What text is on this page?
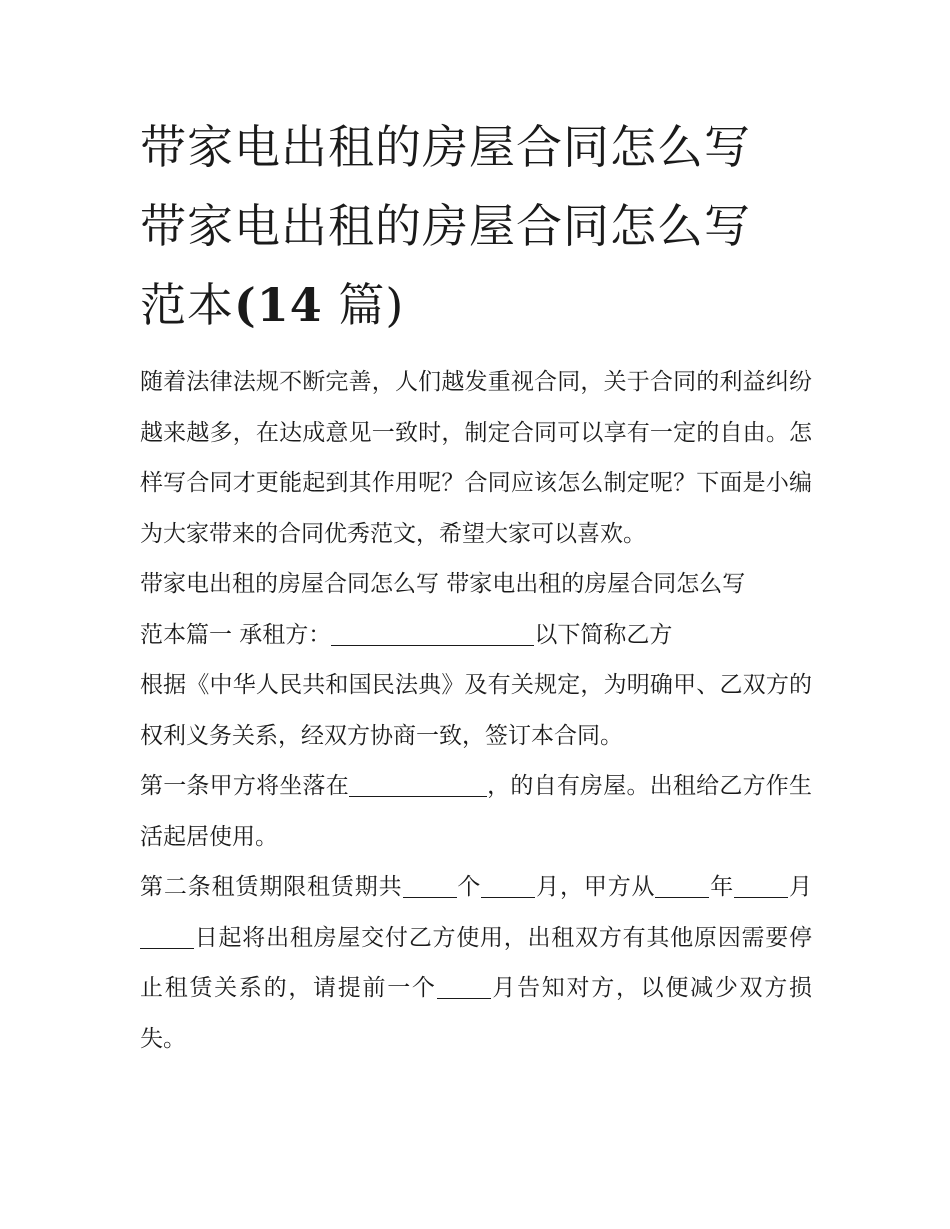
带家电出租的房屋合同怎么写
带家电出租的房屋合同怎么写
范本(14 篇)

随着法律法规不断完善，人们越发重视合同，关于合同的利益纠纷越来越多，在达成意见一致时，制定合同可以享有一定的自由。怎样写合同才更能起到其作用呢？合同应该怎么制定呢？下面是小编为大家带来的合同优秀范文，希望大家可以喜欢。

带家电出租的房屋合同怎么写 带家电出租的房屋合同怎么写
范本篇一 承租方：	以下简称乙方

根据《中华人民共和国民法典》及有关规定，为明确甲、乙双方的权利义务关系，经双方协商一致，签订本合同。

第一条甲方将坐落在	，的自有房屋。出租给乙方作生活起居使用。

第二条租赁期限租赁期共 个 月，甲方从 年 月日起将出租房屋交付乙方使用，出租双方有其他原因需要停止租赁关系的，请提前一个 月告知对方，以便减少双方损失。
